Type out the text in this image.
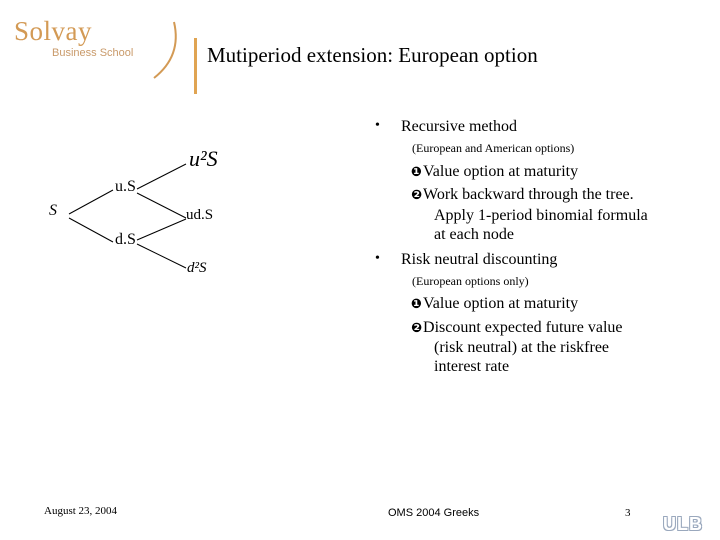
Solvay
Business School	Mutiperiod extension: European option
S
u.S
d.S
u²S
ud.S
d²S
• Recursive method
(European and American options)
❶Value option at maturity
❷Work backward through the tree.
Apply 1-period binomial formula
at each node
• Risk neutral discounting
(European options only)
❶Value option at maturity
❷Discount expected future value
(risk neutral) at the riskfree
interest rate
August 23, 2004	OMS 2004 Greeks	3
ULB
